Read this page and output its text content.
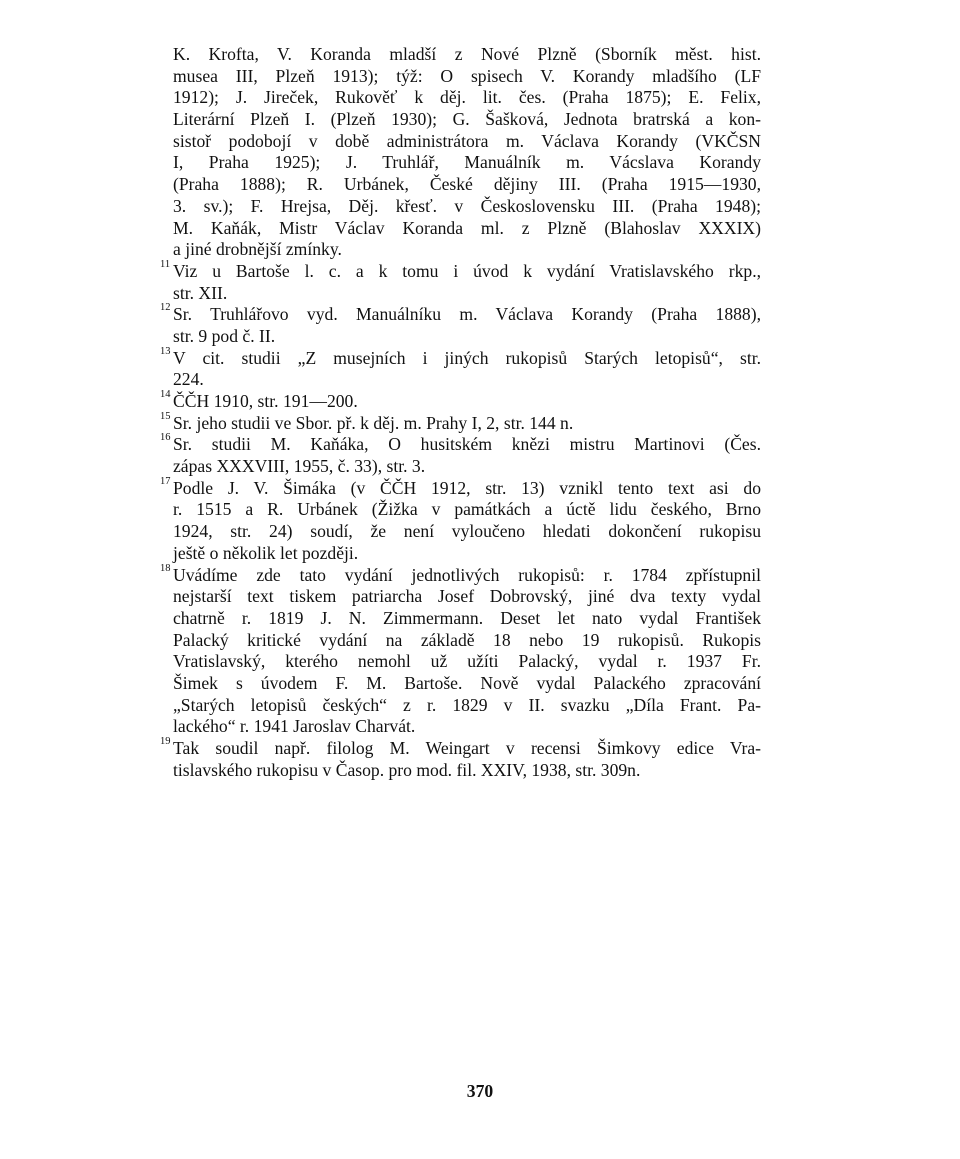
K. Krofta, V. Koranda mladší z Nové Plzně (Sborník měst. hist.
musea III, Plzeň 1913); týž: O spisech V. Korandy mladšího (LF
1912); J. Jireček, Rukověť k děj. lit. čes. (Praha 1875); E. Felix,
Literární Plzeň I. (Plzeň 1930); G. Šašková, Jednota bratrská a kon-
sistoř podobojí v době administrátora m. Václava Korandy (VKČSN
I, Praha 1925); J. Truhlář, Manuálník m. Vácslava Korandy
(Praha 1888); R. Urbánek, České dějiny III. (Praha 1915—1930,
3. sv.); F. Hrejsa, Děj. křesť. v Československu III. (Praha 1948);
M. Kaňák, Mistr Václav Koranda ml. z Plzně (Blahoslav XXXIX)
a jiné drobnější zmínky.
11 Viz u Bartoše l. c. a k tomu i úvod k vydání Vratislavského rkp.,
str. XII.
12 Sr. Truhlářovo vyd. Manuálníku m. Václava Korandy (Praha 1888),
str. 9 pod č. II.
13 V cit. studii „Z musejních i jiných rukopisů Starých letopisů“, str.
224.
14 ČČH 1910, str. 191—200.
15 Sr. jeho studii ve Sbor. př. k děj. m. Prahy I, 2, str. 144 n.
16 Sr. studii M. Kaňáka, O husitském knězi mistru Martinovi (Čes.
zápas XXXVIII, 1955, č. 33), str. 3.
17 Podle J. V. Šimáka (v ČČH 1912, str. 13) vznikl tento text asi do
r. 1515 a R. Urbánek (Žižka v památkách a úctě lidu českého, Brno
1924, str. 24) soudí, že není vyloučeno hledati dokončení rukopisu
ještě o několik let později.
18 Uvádíme zde tato vydání jednotlivých rukopisů: r. 1784 zpřístupnil
nejstarší text tiskem patriarcha Josef Dobrovský, jiné dva texty vydal
chatrně r. 1819 J. N. Zimmermann. Deset let nato vydal František
Palacký kritické vydání na základě 18 nebo 19 rukopisů. Rukopis
Vratislavský, kterého nemohl už užíti Palacký, vydal r. 1937 Fr.
Šimek s úvodem F. M. Bartoše. Nově vydal Palackého zpracování
„Starých letopisů českých“ z r. 1829 v II. svazku „Díla Frant. Pa-
lackého“ r. 1941 Jaroslav Charvát.
19 Tak soudil např. filolog M. Weingart v recensi Šimkovy edice Vra-
tislavského rukopisu v Časop. pro mod. fil. XXIV, 1938, str. 309n.
370
